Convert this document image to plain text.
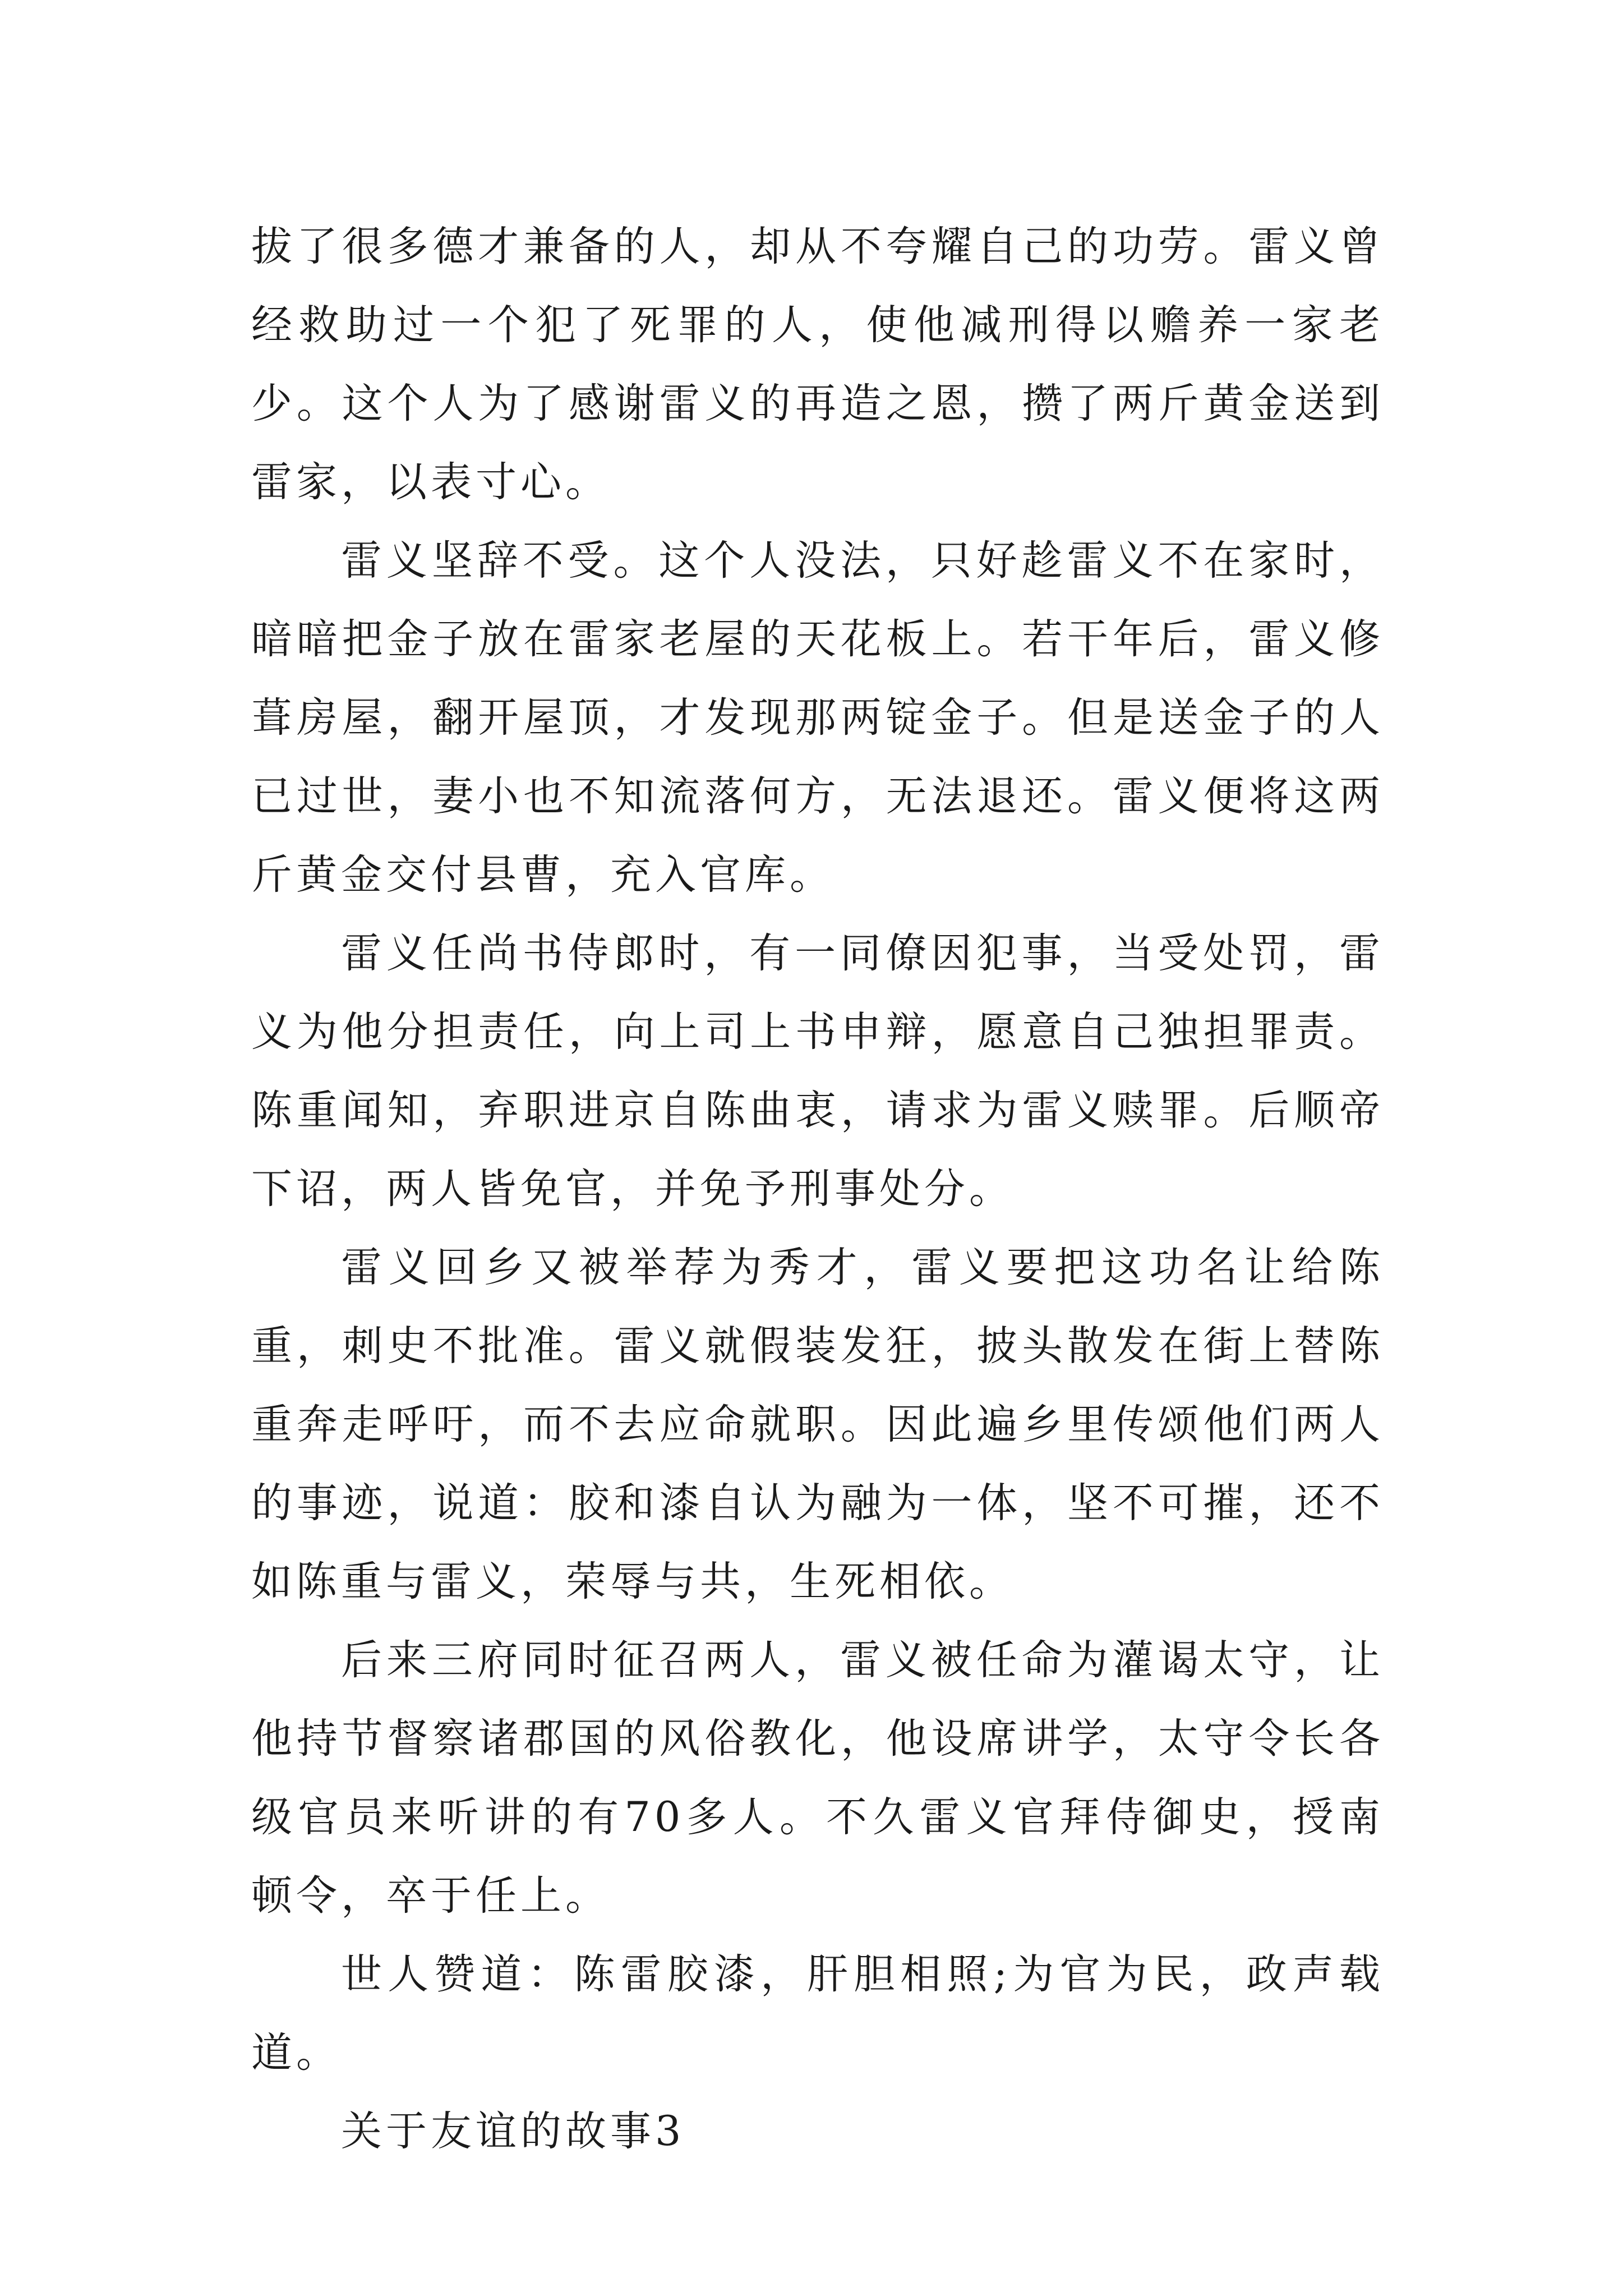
拔了很多德才兼备的人，却从不夸耀自己的功劳。雷义曾经救助过一个犯了死罪的人，使他减刑得以赡养一家老少。这个人为了感谢雷义的再造之恩，攒了两斤黄金送到雷家，以表寸心。

雷义坚辞不受。这个人没法，只好趁雷义不在家时，暗暗把金子放在雷家老屋的天花板上。若干年后，雷义修葺房屋，翻开屋顶，才发现那两锭金子。但是送金子的人已过世，妻小也不知流落何方，无法退还。雷义便将这两斤黄金交付县曹，充入官库。

雷义任尚书侍郎时，有一同僚因犯事，当受处罚，雷义为他分担责任，向上司上书申辩，愿意自己独担罪责。陈重闻知，弃职进京自陈曲衷，请求为雷义赎罪。后顺帝下诏，两人皆免官，并免予刑事处分。

雷义回乡又被举荐为秀才，雷义要把这功名让给陈重，刺史不批准。雷义就假装发狂，披头散发在街上替陈重奔走呼吁，而不去应命就职。因此遍乡里传颂他们两人的事迹，说道：胶和漆自认为融为一体，坚不可摧，还不如陈重与雷义，荣辱与共，生死相依。

后来三府同时征召两人，雷义被任命为灌谒太守，让他持节督察诸郡国的风俗教化，他设席讲学，太守令长各级官员来听讲的有70多人。不久雷义官拜侍御史，授南顿令，卒于任上。

世人赞道：陈雷胶漆，肝胆相照;为官为民，政声载道。

关于友谊的故事3
